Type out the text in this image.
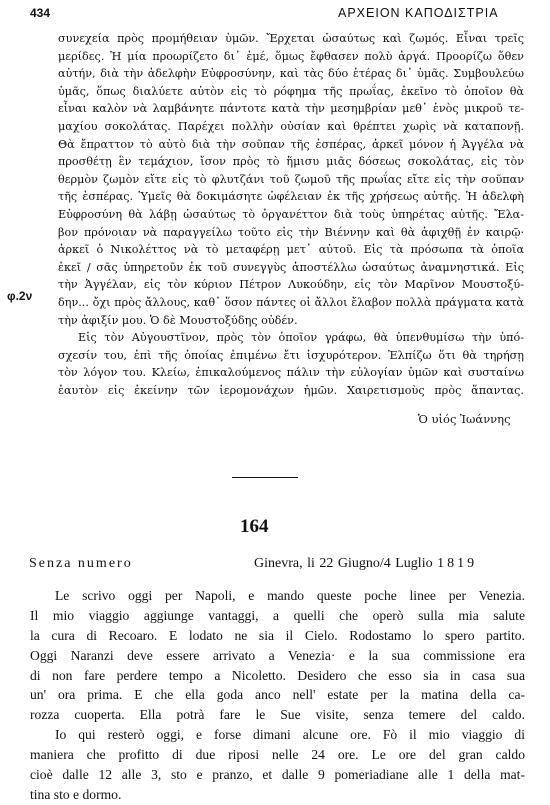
434	ΑΡΧΕΙΟΝ ΚΑΠΟΔΙΣΤΡΙΑ
συνεχεία πρὸς προμήθειαν ὑμῶν. Ἔρχεται ὡσαύτως καὶ ζωμός. Εἶναι τρεῖς
μερίδες. Ἡ μία προωρίζετο δι᾿ ἐμέ, ὅμως ἔφθασεν πολὺ ἀργά. Προορίζω ὅθεν
αὐτήν, διὰ τὴν ἀδελφὴν Εὐφροσύνην, καὶ τὰς δύο ἑτέρας δι᾿ ὑμᾶς. Συμβουλεύω
ὑμᾶς, ὅπως διαλύετε αὐτὸν εἰς τὸ ρόφημα τῆς πρωΐας, ἐκεῖνο τὸ ὁποῖον θὰ
εἶναι καλὸν νὰ λαμβάνητε πάντοτε κατὰ τὴν μεσημβρίαν μεθ᾿ ἑνὸς μικροῦ τε-
μαχίου σοκολάτας. Παρέχει πολλὴν οὐσίαν καὶ θρέπτει χωρὶς νὰ καταπονῇ.
Θὰ ἔπραττον τὸ αὐτὸ διὰ τὴν σοῦπαν τῆς ἑσπέρας, ἀρκεῖ μόνον ἡ Ἀγγέλα νὰ
προσθέτῃ ἓν τεμάχιον, ἴσον πρὸς τὸ ἥμισυ μιᾶς δόσεως σοκολάτας, εἰς τὸν
θερμὸν ζωμὸν εἴτε εἰς τὸ φλυτζάνι τοῦ ζωμοῦ τῆς πρωΐας εἴτε εἰς τὴν σοῦπαν
τῆς ἑσπέρας. Ὑμεῖς θὰ δοκιμάσητε ὠφέλειαν ἐκ τῆς χρήσεως αὐτῆς. Ἡ ἀδελφὴ
Εὐφροσύνη θὰ λάβῃ ὡσαύτως τὸ ὀργανέττον διὰ τοὺς ὑπηρέτας αὐτῆς. Ἔλα-
βον πρόνοιαν νὰ παραγγείλω τοῦτο εἰς τὴν Βιέννην καὶ θὰ ἀφιχθῇ ἐν καιρῷ·
ἀρκεῖ ὁ Νικολέττος νὰ τὸ μεταφέρῃ μετ᾿ αὐτοῦ. Εἰς τὰ πρόσωπα τὰ ὁποῖα
ἐκεῖ / σᾶς ὑπηρετοῦν ἐκ τοῦ συνεγγὺς ἀποστέλλω ὡσαύτως ἀναμνηστικά. Εἰς
τὴν Ἀγγέλαν, εἰς τὸν κύριον Πέτρον Λυκούδην, εἰς τὸν Μαρῖνον Μουστοξύ-
δην... ὄχι πρὸς ἄλλους, καθ᾿ ὅσον πάντες οἱ ἄλλοι ἔλαβον πολλὰ πράγματα κατὰ
τὴν ἀφιξίν μου. Ὁ δὲ Μουστοξύδης οὐδέν.
Εἰς τὸν Αὐγουστῖνον, πρὸς τὸν ὁποῖον γράφω, θὰ ὑπενθυμίσω τὴν ὑπό-
σχεσίν του, ἐπὶ τῆς ὁποίας ἐπιμένω ἔτι ἰσχυρότερον. Ἐλπίζω ὅτι θὰ τηρήσῃ
τὸν λόγον του. Κλείω, ἐπικαλούμενος πάλιν τὴν εὐλογίαν ὑμῶν καὶ συσταίνω
ἑαυτὸν εἰς ἐκείνην τῶν ἱερομονάχων ἡμῶν. Χαιρετισμοὺς πρὸς ἅπαντας.
φ.2ν
Ὁ υἱός Ἰωάννης
164
Senza numero	Ginevra, li 22 Giugno/4 Luglio 1819
Le scrivo oggi per Napoli, e mando queste poche linee per Venezia.
Il mio viaggio aggiunge vantaggi, a quelli che operò sulla mia salute
la cura di Recoaro. E lodato ne sia il Cielo. Rodostamo lo spero partito.
Oggi Naranzi deve essere arrivato a Venezia· e la sua commissione era
di non fare perdere tempo a Nicoletto. Desidero che esso sia in casa sua
un' ora prima. E che ella goda anco nell' estate per la matina della ca-
rozza cuoperta. Ella potrà fare le Sue visite, senza temere del caldo.
Io qui resterò oggi, e forse dimani alcune ore. Fò il mio viaggio di
maniera che profitto di due riposi nelle 24 ore. Le ore del gran caldo
cioè dalle 12 alle 3, sto e pranzo, et dalle 9 pomeriadiane alle 1 della mat-
tina sto e dormo.
